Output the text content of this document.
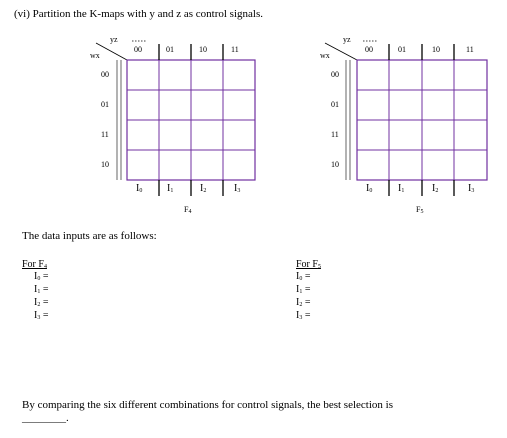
(vi) Partition the K-maps with y and z as control signals.
yz
wx
00	01	10	11
00
01
11
10
I0 I1	I2	I3
F4
yz
wx
00	01	10	11
00
01
11
10
I0	I1	I2	I3
F5
The data inputs are as follows:
For F4
I0 =
I1 =
I2 =
I3 =
For F5
I0 =
I1 =
I2 =
I3 =
By comparing the six different combinations for control signals, the best selection is
________.
